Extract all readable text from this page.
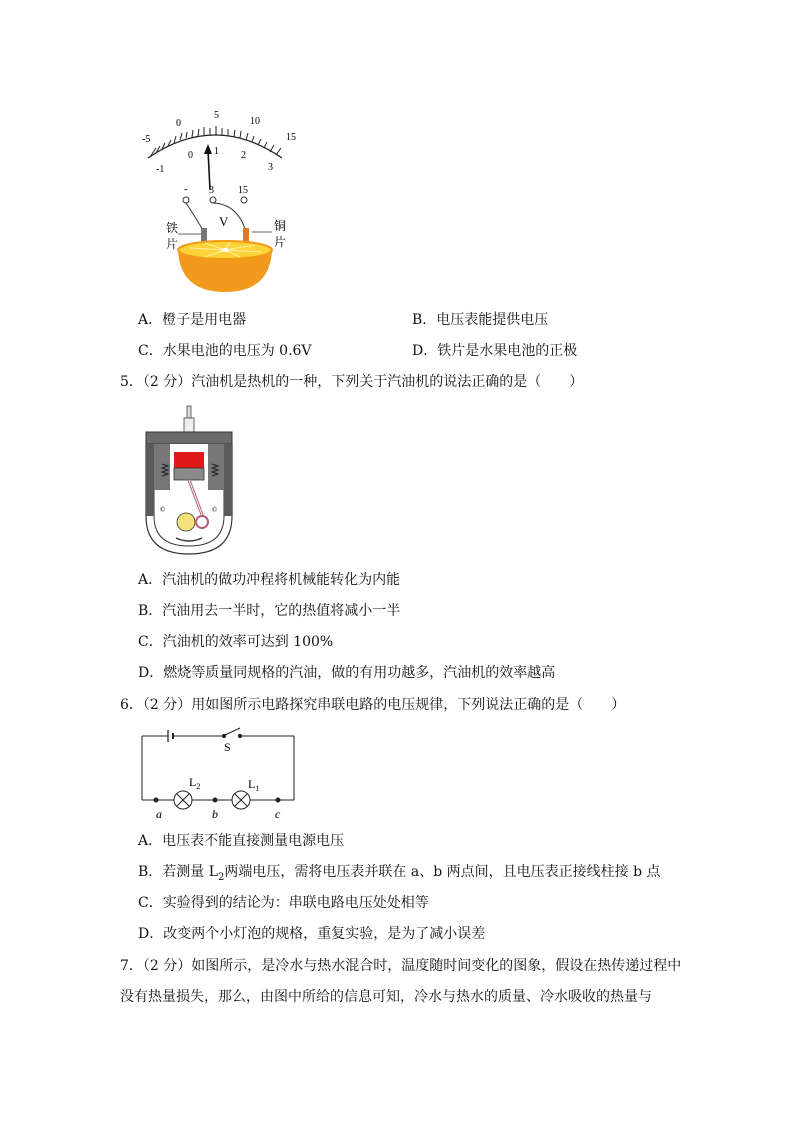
-5
0
5
10
15
-1
0 1 2
3
- 3 15
V
铁
片
铜
片
A．橙子是用电器	B．电压表能提供电压
C．水果电池的电压为 0.6V	D．铁片是水果电池的正极
5．（2 分）汽油机是热机的一种，下列关于汽油机的说法正确的是（　　）
©	©
A．汽油机的做功冲程将机械能转化为内能
B．汽油用去一半时，它的热值将减小一半
C．汽油机的效率可达到 100%
D．燃烧等质量同规格的汽油，做的有用功越多，汽油机的效率越高
6．（2 分）用如图所示电路探究串联电路的电压规律，下列说法正确的是（　　）
S
$L_2$	$L_1$
a	b	c
A．电压表不能直接测量电源电压
B．若测量 $L_2$两端电压，需将电压表并联在 a、b 两点间，且电压表正接线柱接 b 点
C．实验得到的结论为：串联电路电压处处相等
D．改变两个小灯泡的规格，重复实验，是为了减小误差
7．（2 分）如图所示，是冷水与热水混合时，温度随时间变化的图象，假设在热传递过程中
没有热量损失，那么，由图中所给的信息可知，冷水与热水的质量、冷水吸收的热量与
